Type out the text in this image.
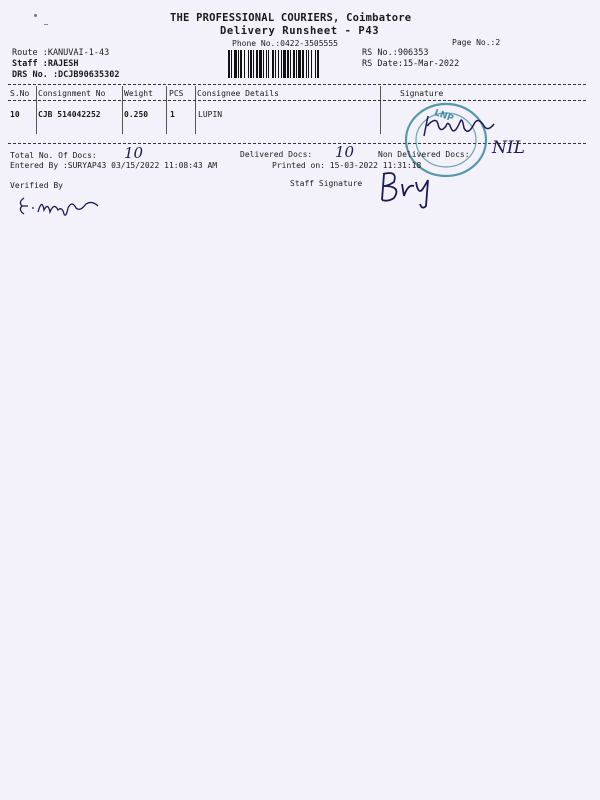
THE PROFESSIONAL COURIERS, Coimbatore
Delivery Runsheet - P43
Phone No.:0422-3505555	Page No.:2
Route :KANUVAI-1-43
Staff :RAJESH
DRS No. :DCJB90635302
RS No.:906353
RS Date:15-Mar-2022
S.No Consignment No Weight PCS Consignee Details	Signature
10 CJB 514042252	0.250	1	LUPIN	LNP
·····
Total No. Of Docs: 10	Delivered Docs: 10	Non Delivered Docs: NIL
Entered By :SURYAP43 03/15/2022 11:08:43 AM	Printed on: 15-03-2022 11:31:18
Verified By	Staff Signature
